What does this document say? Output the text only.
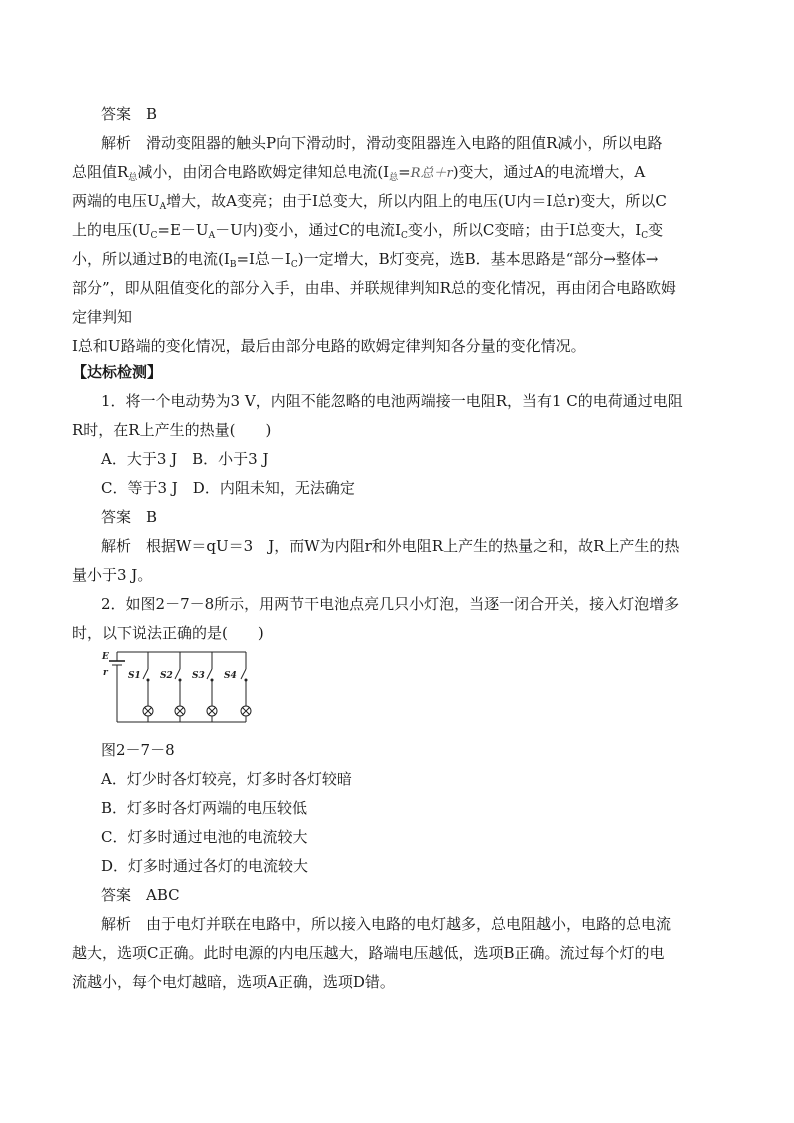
答案　B
解析　滑动变阻器的触头P向下滑动时，滑动变阻器连入电路的阻值R减小，所以电路
总阻值$R_总$减小，由闭合电路欧姆定律知总电流($I_总=R$总＋r)变大，通过A的电流增大，A
两端的电压$U_A$增大，故A变亮；由于I总变大，所以内阻上的电压(U内＝I总r)变大，所以C
上的电压($U_C=E-U_A-U$内)变小，通过C的电流$I_C$变小，所以C变暗；由于I总变大，$I_C$变
小，所以通过B的电流($I_B=I$总$-I_C$)一定增大，B灯变亮，选B．基本思路是“部分→整体→
部分”，即从阻值变化的部分入手，由串、并联规律判知R总的变化情况，再由闭合电路欧姆
定律判知
I总和U路端的变化情况，最后由部分电路的欧姆定律判知各分量的变化情况。
【达标检测】
1．将一个电动势为3 V，内阻不能忽略的电池两端接一电阻R，当有1 C的电荷通过电阻
R时，在R上产生的热量(　　)
A．大于3 J　B．小于3 J
C．等于3 J　D．内阻未知，无法确定
答案　B
解析　根据W＝qU＝3　J，而W为内阻r和外电阻R上产生的热量之和，故R上产生的热
量小于3 J。
2．如图2－7－8所示，用两节干电池点亮几只小灯泡，当逐一闭合开关，接入灯泡增多
时，以下说法正确的是(　　)
E
r S1 S2 S3 S4
图2－7－8
A．灯少时各灯较亮，灯多时各灯较暗
B．灯多时各灯两端的电压较低
C．灯多时通过电池的电流较大
D．灯多时通过各灯的电流较大
答案　ABC
解析　由于电灯并联在电路中，所以接入电路的电灯越多，总电阻越小，电路的总电流
越大，选项C正确。此时电源的内电压越大，路端电压越低，选项B正确。流过每个灯的电
流越小，每个电灯越暗，选项A正确，选项D错。
